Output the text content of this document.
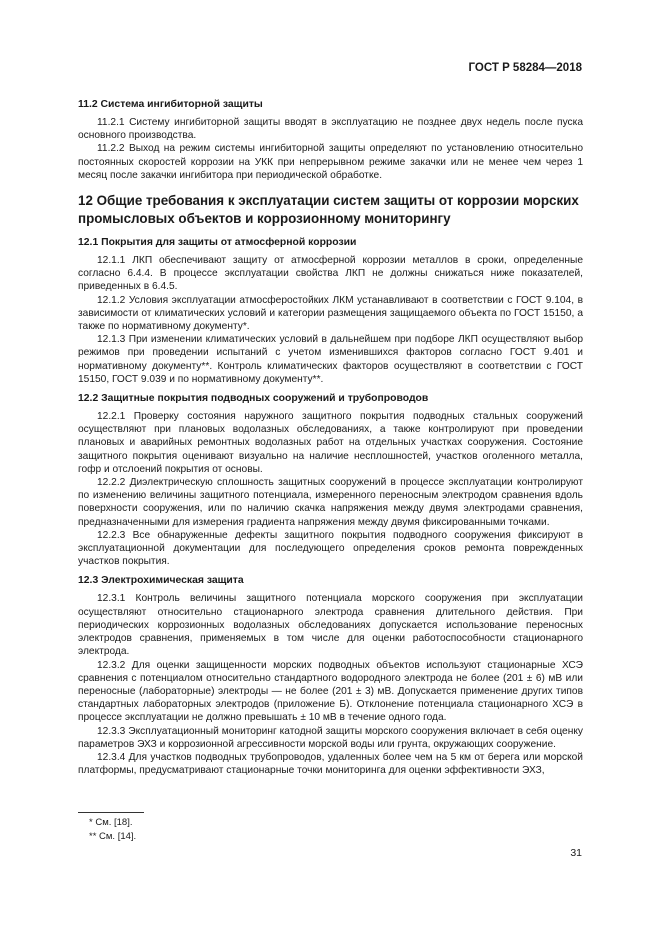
ГОСТ Р 58284—2018
11.2 Система ингибиторной защиты

11.2.1 Систему ингибиторной защиты вводят в эксплуатацию не позднее двух недель после пуска основного производства.

11.2.2 Выход на режим системы ингибиторной защиты определяют по установлению относительно постоянных скоростей коррозии на УКК при непрерывном режиме закачки или не менее чем через 1 месяц после закачки ингибитора при периодической обработке.

12 Общие требования к эксплуатации систем защиты от коррозии морских промысловых объектов и коррозионному мониторингу
12.1 Покрытия для защиты от атмосферной коррозии

12.1.1 ЛКП обеспечивают защиту от атмосферной коррозии металлов в сроки, определенные согласно 6.4.4. В процессе эксплуатации свойства ЛКП не должны снижаться ниже показателей, приведенных в 6.4.5.

12.1.2 Условия эксплуатации атмосферостойких ЛКМ устанавливают в соответствии с ГОСТ 9.104, в зависимости от климатических условий и категории размещения защищаемого объекта по ГОСТ 15150, а также по нормативному документу*.

12.1.3 При изменении климатических условий в дальнейшем при подборе ЛКП осуществляют выбор режимов при проведении испытаний с учетом изменившихся факторов согласно ГОСТ 9.401 и нормативному документу**. Контроль климатических факторов осуществляют в соответствии с ГОСТ 15150, ГОСТ 9.039 и по нормативному документу**.

12.2 Защитные покрытия подводных сооружений и трубопроводов

12.2.1 Проверку состояния наружного защитного покрытия подводных стальных сооружений осуществляют при плановых водолазных обследованиях, а также контролируют при проведении плановых и аварийных ремонтных водолазных работ на отдельных участках сооружения. Состояние защитного покрытия оценивают визуально на наличие несплошностей, участков оголенного металла, гофр и отслоений покрытия от основы.

12.2.2 Диэлектрическую сплошность защитных сооружений в процессе эксплуатации контролируют по изменению величины защитного потенциала, измеренного переносным электродом сравнения вдоль поверхности сооружения, или по наличию скачка напряжения между двумя электродами сравнения, предназначенными для измерения градиента напряжения между двумя фиксированными точками.

12.2.3 Все обнаруженные дефекты защитного покрытия подводного сооружения фиксируют в эксплуатационной документации для последующего определения сроков ремонта поврежденных участков покрытия.

12.3 Электрохимическая защита

12.3.1 Контроль величины защитного потенциала морского сооружения при эксплуатации осуществляют относительно стационарного электрода сравнения длительного действия. При периодических коррозионных водолазных обследованиях допускается использование переносных электродов сравнения, применяемых в том числе для оценки работоспособности стационарного электрода.

12.3.2 Для оценки защищенности морских подводных объектов используют стационарные ХСЭ сравнения с потенциалом относительно стандартного водородного электрода не более (201 ± 6) мВ или переносные (лабораторные) электроды — не более (201 ± 3) мВ. Допускается применение других типов стандартных лабораторных электродов (приложение Б). Отклонение потенциала стационарного ХСЭ в процессе эксплуатации не должно превышать ± 10 мВ в течение одного года.

12.3.3 Эксплуатационный мониторинг катодной защиты морского сооружения включает в себя оценку параметров ЭХЗ и коррозионной агрессивности морской воды или грунта, окружающих сооружение.

12.3.4 Для участков подводных трубопроводов, удаленных более чем на 5 км от берега или морской платформы, предусматривают стационарные точки мониторинга для оценки эффективности ЭХЗ,

* См. [18].
** См. [14].
31
